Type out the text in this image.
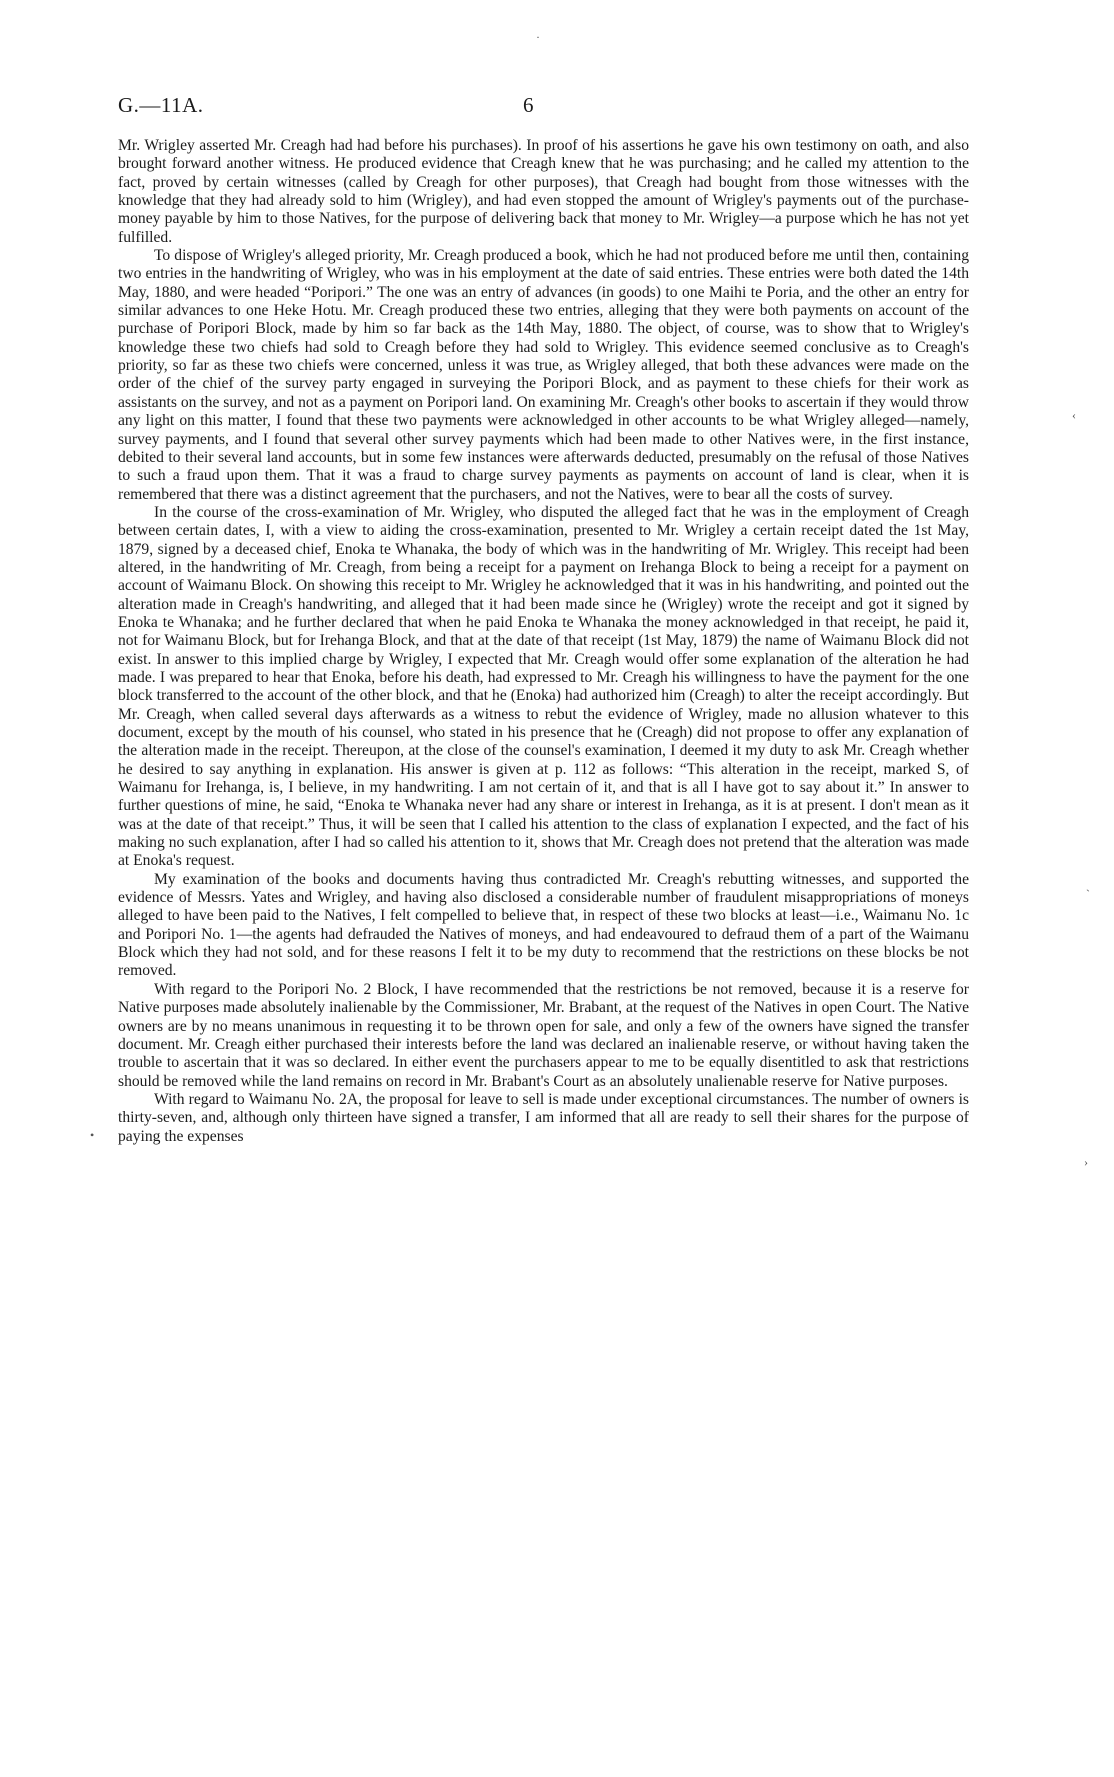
G.—11A.	6

Mr. Wrigley asserted Mr. Creagh had had before his purchases). In proof of his assertions he gave his own testimony on oath, and also brought forward another witness. He produced evidence that Creagh knew that he was purchasing; and he called my attention to the fact, proved by certain witnesses (called by Creagh for other purposes), that Creagh had bought from those witnesses with the knowledge that they had already sold to him (Wrigley), and had even stopped the amount of Wrigley's payments out of the purchase-money payable by him to those Natives, for the purpose of delivering back that money to Mr. Wrigley—a purpose which he has not yet fulfilled.

To dispose of Wrigley's alleged priority, Mr. Creagh produced a book, which he had not produced before me until then, containing two entries in the handwriting of Wrigley, who was in his employment at the date of said entries. These entries were both dated the 14th May, 1880, and were headed “Poripori.” The one was an entry of advances (in goods) to one Maihi te Poria, and the other an entry for similar advances to one Heke Hotu. Mr. Creagh produced these two entries, alleging that they were both payments on account of the purchase of Poripori Block, made by him so far back as the 14th May, 1880. The object, of course, was to show that to Wrigley's knowledge these two chiefs had sold to Creagh before they had sold to Wrigley. This evidence seemed conclusive as to Creagh's priority, so far as these two chiefs were concerned, unless it was true, as Wrigley alleged, that both these advances were made on the order of the chief of the survey party engaged in surveying the Poripori Block, and as payment to these chiefs for their work as assistants on the survey, and not as a payment on Poripori land. On examining Mr. Creagh's other books to ascertain if they would throw any light on this matter, I found that these two payments were acknowledged in other accounts to be what Wrigley alleged—namely, survey payments, and I found that several other survey payments which had been made to other Natives were, in the first instance, debited to their several land accounts, but in some few instances were afterwards deducted, presumably on the refusal of those Natives to such a fraud upon them. That it was a fraud to charge survey payments as payments on account of land is clear, when it is remembered that there was a distinct agreement that the purchasers, and not the Natives, were to bear all the costs of survey.

In the course of the cross-examination of Mr. Wrigley, who disputed the alleged fact that he was in the employment of Creagh between certain dates, I, with a view to aiding the cross-examination, presented to Mr. Wrigley a certain receipt dated the 1st May, 1879, signed by a deceased chief, Enoka te Whanaka, the body of which was in the handwriting of Mr. Wrigley. This receipt had been altered, in the handwriting of Mr. Creagh, from being a receipt for a payment on Irehanga Block to being a receipt for a payment on account of Waimanu Block. On showing this receipt to Mr. Wrigley he acknowledged that it was in his handwriting, and pointed out the alteration made in Creagh's handwriting, and alleged that it had been made since he (Wrigley) wrote the receipt and got it signed by Enoka te Whanaka; and he further declared that when he paid Enoka te Whanaka the money acknowledged in that receipt, he paid it, not for Waimanu Block, but for Irehanga Block, and that at the date of that receipt (1st May, 1879) the name of Waimanu Block did not exist. In answer to this implied charge by Wrigley, I expected that Mr. Creagh would offer some explanation of the alteration he had made. I was prepared to hear that Enoka, before his death, had expressed to Mr. Creagh his willingness to have the payment for the one block transferred to the account of the other block, and that he (Enoka) had authorized him (Creagh) to alter the receipt accordingly. But Mr. Creagh, when called several days afterwards as a witness to rebut the evidence of Wrigley, made no allusion whatever to this document, except by the mouth of his counsel, who stated in his presence that he (Creagh) did not propose to offer any explanation of the alteration made in the receipt. Thereupon, at the close of the counsel's examination, I deemed it my duty to ask Mr. Creagh whether he desired to say anything in explanation. His answer is given at p. 112 as follows: “This alteration in the receipt, marked S, of Waimanu for Irehanga, is, I believe, in my handwriting. I am not certain of it, and that is all I have got to say about it.” In answer to further questions of mine, he said, “Enoka te Whanaka never had any share or interest in Irehanga, as it is at present. I don't mean as it was at the date of that receipt.” Thus, it will be seen that I called his attention to the class of explanation I expected, and the fact of his making no such explanation, after I had so called his attention to it, shows that Mr. Creagh does not pretend that the alteration was made at Enoka's request.

My examination of the books and documents having thus contradicted Mr. Creagh's rebutting witnesses, and supported the evidence of Messrs. Yates and Wrigley, and having also disclosed a considerable number of fraudulent misappropriations of moneys alleged to have been paid to the Natives, I felt compelled to believe that, in respect of these two blocks at least—i.e., Waimanu No. 1c and Poripori No. 1—the agents had defrauded the Natives of moneys, and had endeavoured to defraud them of a part of the Waimanu Block which they had not sold, and for these reasons I felt it to be my duty to recommend that the restrictions on these blocks be not removed.

With regard to the Poripori No. 2 Block, I have recommended that the restrictions be not removed, because it is a reserve for Native purposes made absolutely inalienable by the Commissioner, Mr. Brabant, at the request of the Natives in open Court. The Native owners are by no means unanimous in requesting it to be thrown open for sale, and only a few of the owners have signed the transfer document. Mr. Creagh either purchased their interests before the land was declared an inalienable reserve, or without having taken the trouble to ascertain that it was so declared. In either event the purchasers appear to me to be equally disentitled to ask that restrictions should be removed while the land remains on record in Mr. Brabant's Court as an absolutely unalienable reserve for Native purposes.

With regard to Waimanu No. 2A, the proposal for leave to sell is made under exceptional circumstances. The number of owners is thirty-seven, and, although only thirteen have signed a transfer, I am informed that all are ready to sell their shares for the purpose of paying the expenses

·
‹
ˏ
•
›
